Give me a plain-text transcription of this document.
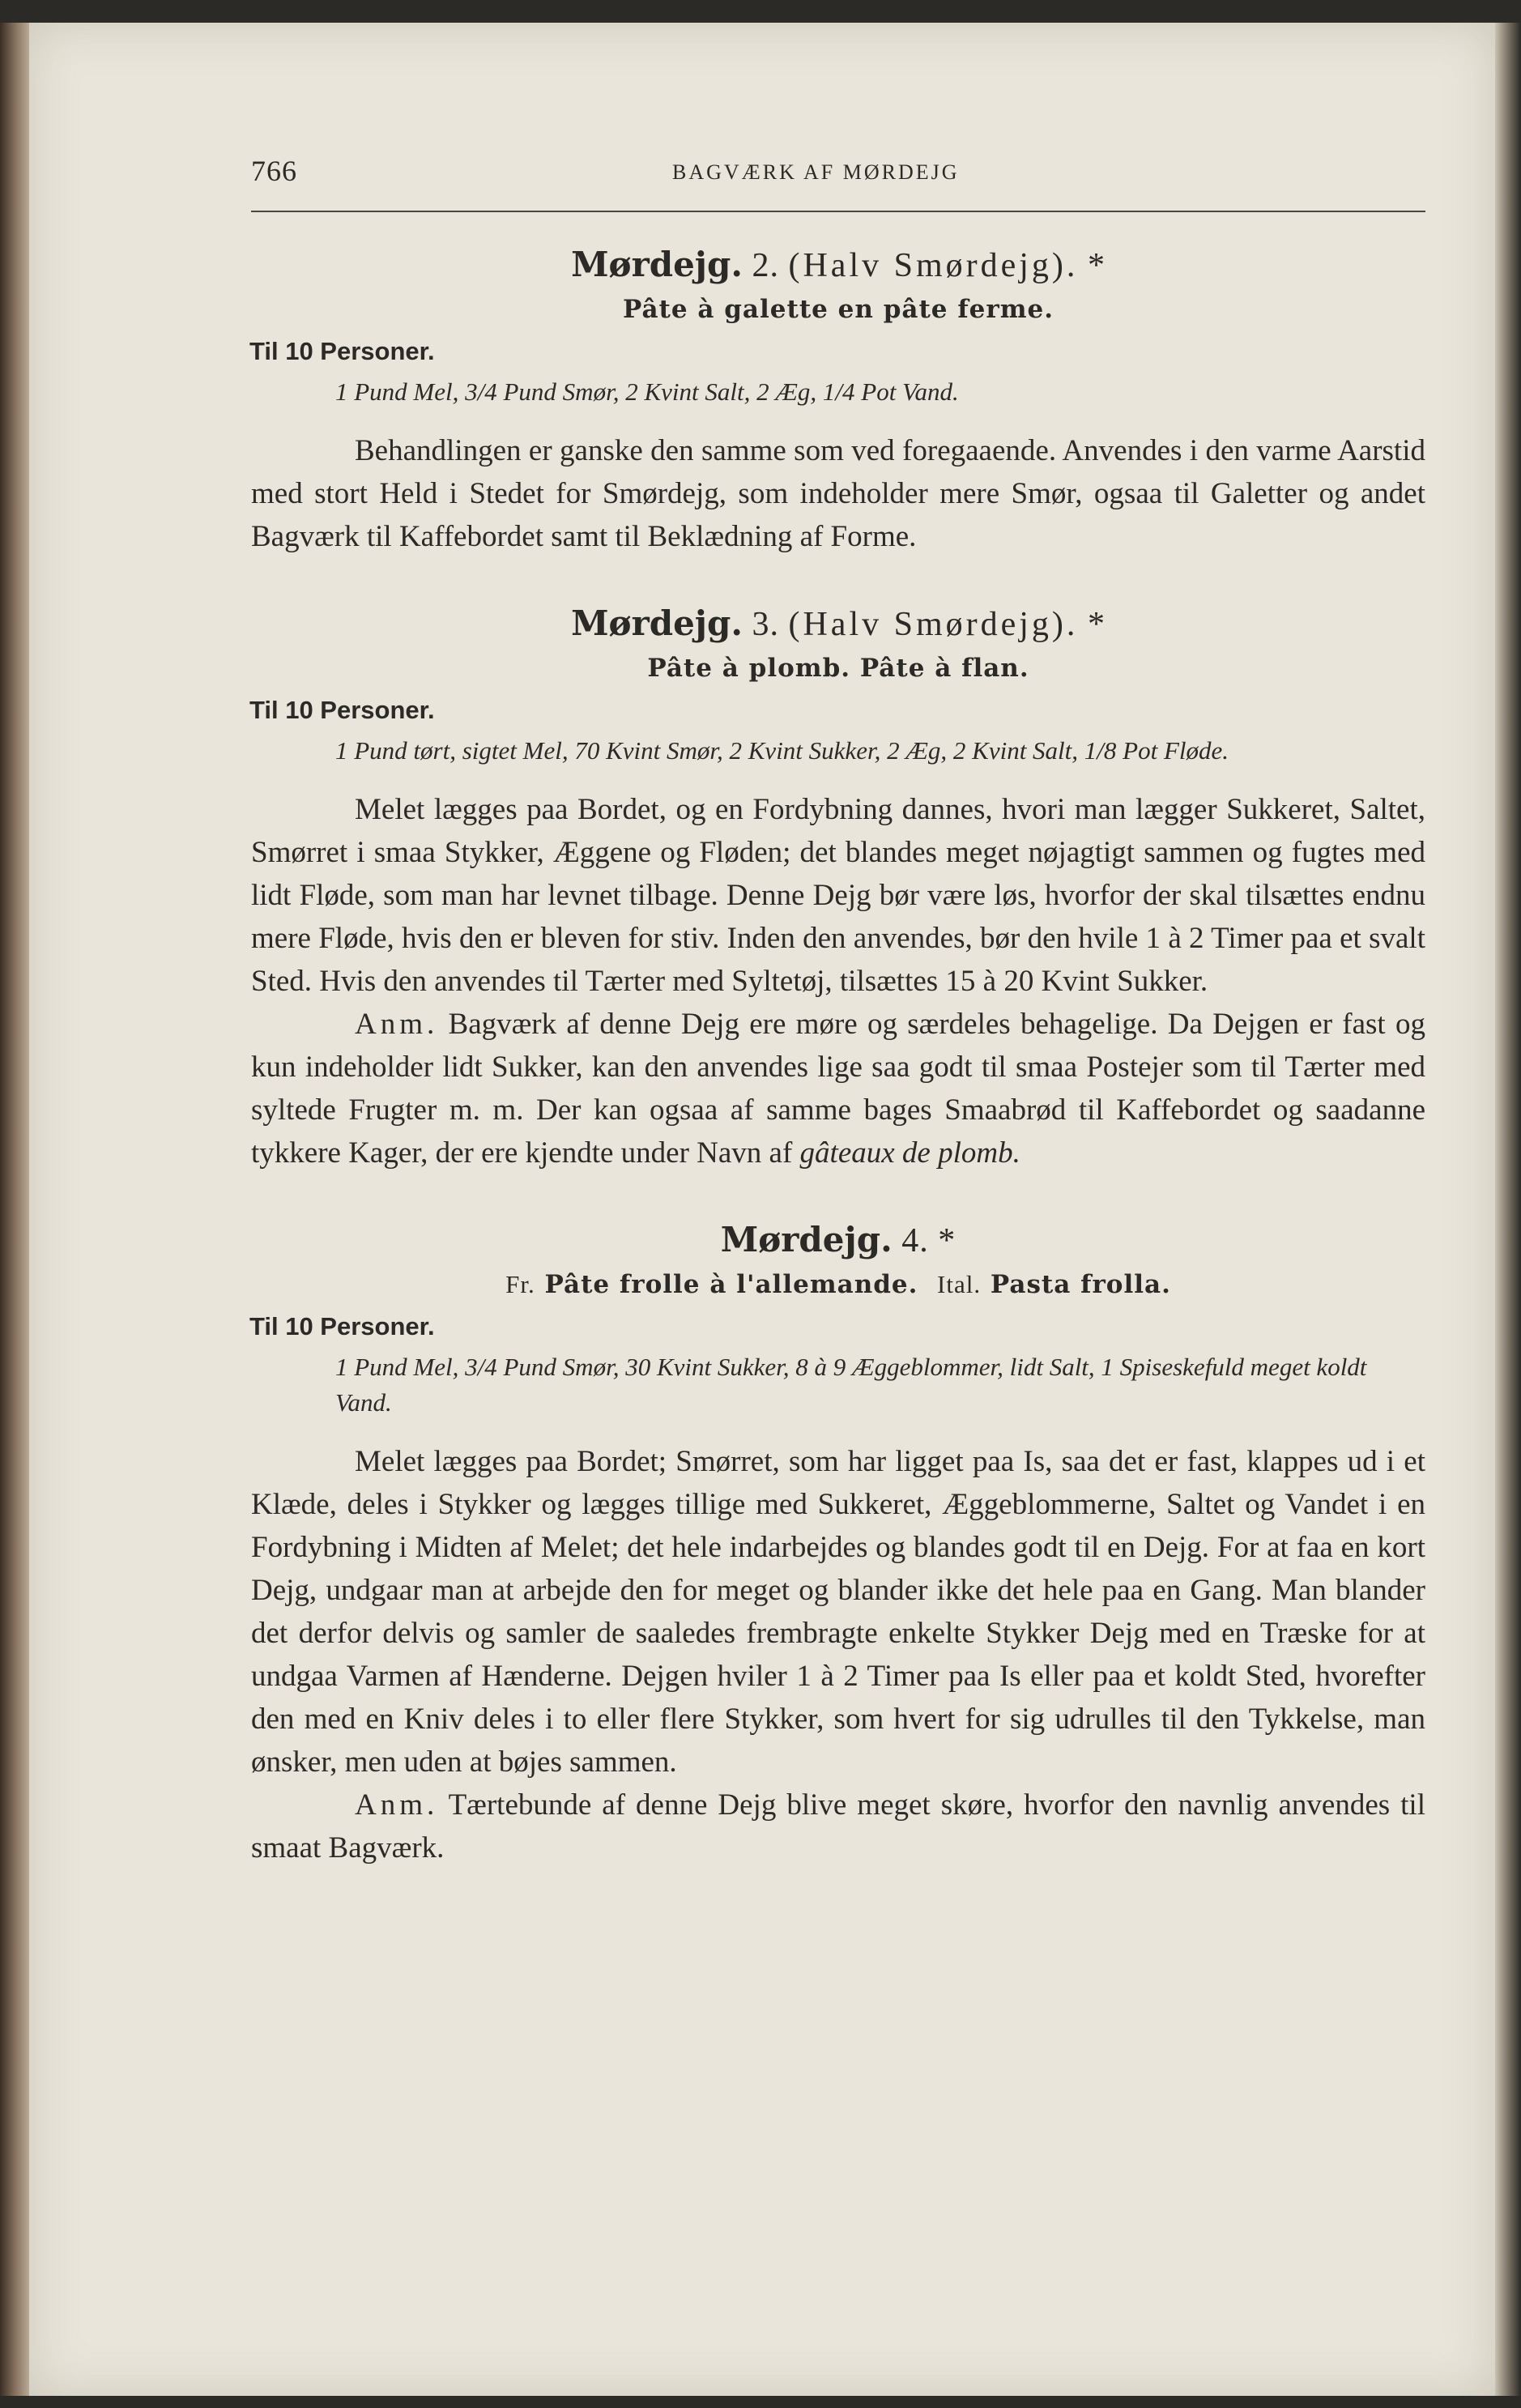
766	BAGVÆRK AF MØRDEJG
Mørdejg. 2. (Halv Smørdejg). *
Pâte à galette en pâte ferme.
Til 10 Personer.
1 Pund Mel, 3/4 Pund Smør, 2 Kvint Salt, 2 Æg, 1/4 Pot Vand.

Behandlingen er ganske den samme som ved foregaaende. Anvendes i den varme Aarstid med stort Held i Stedet for Smørdejg, som indeholder mere Smør, ogsaa til Galetter og andet Bagværk til Kaffebordet samt til Beklædning af Forme.

Mørdejg. 3. (Halv Smørdejg). *
Pâte à plomb. Pâte à flan.
Til 10 Personer.
1 Pund tørt, sigtet Mel, 70 Kvint Smør, 2 Kvint Sukker, 2 Æg, 2 Kvint Salt, 1/8 Pot Fløde.

Melet lægges paa Bordet, og en Fordybning dannes, hvori man lægger Sukkeret, Saltet, Smørret i smaa Stykker, Æggene og Fløden; det blandes meget nøjagtigt sammen og fugtes med lidt Fløde, som man har levnet tilbage. Denne Dejg bør være løs, hvorfor der skal tilsættes endnu mere Fløde, hvis den er bleven for stiv. Inden den anvendes, bør den hvile 1 à 2 Timer paa et svalt Sted. Hvis den anvendes til Tærter med Syltetøj, tilsættes 15 à 20 Kvint Sukker.

Anm. Bagværk af denne Dejg ere møre og særdeles behagelige. Da Dejgen er fast og kun indeholder lidt Sukker, kan den anvendes lige saa godt til smaa Postejer som til Tærter med syltede Frugter m. m. Der kan ogsaa af samme bages Smaabrød til Kaffebordet og saadanne tykkere Kager, der ere kjendte under Navn af gâteaux de plomb.

Mørdejg. 4. *
Fr. Pâte frolle à l'allemande. Ital. Pasta frolla.
Til 10 Personer.
1 Pund Mel, 3/4 Pund Smør, 30 Kvint Sukker, 8 à 9 Æggeblommer, lidt Salt, 1 Spiseskefuld meget koldt Vand.

Melet lægges paa Bordet; Smørret, som har ligget paa Is, saa det er fast, klappes ud i et Klæde, deles i Stykker og lægges tillige med Sukkeret, Æggeblommerne, Saltet og Vandet i en Fordybning i Midten af Melet; det hele indarbejdes og blandes godt til en Dejg. For at faa en kort Dejg, undgaar man at arbejde den for meget og blander ikke det hele paa en Gang. Man blander det derfor delvis og samler de saaledes frembragte enkelte Stykker Dejg med en Træske for at undgaa Varmen af Hænderne. Dejgen hviler 1 à 2 Timer paa Is eller paa et koldt Sted, hvorefter den med en Kniv deles i to eller flere Stykker, som hvert for sig udrulles til den Tykkelse, man ønsker, men uden at bøjes sammen.

Anm. Tærtebunde af denne Dejg blive meget skøre, hvorfor den navnlig anvendes til smaat Bagværk.
